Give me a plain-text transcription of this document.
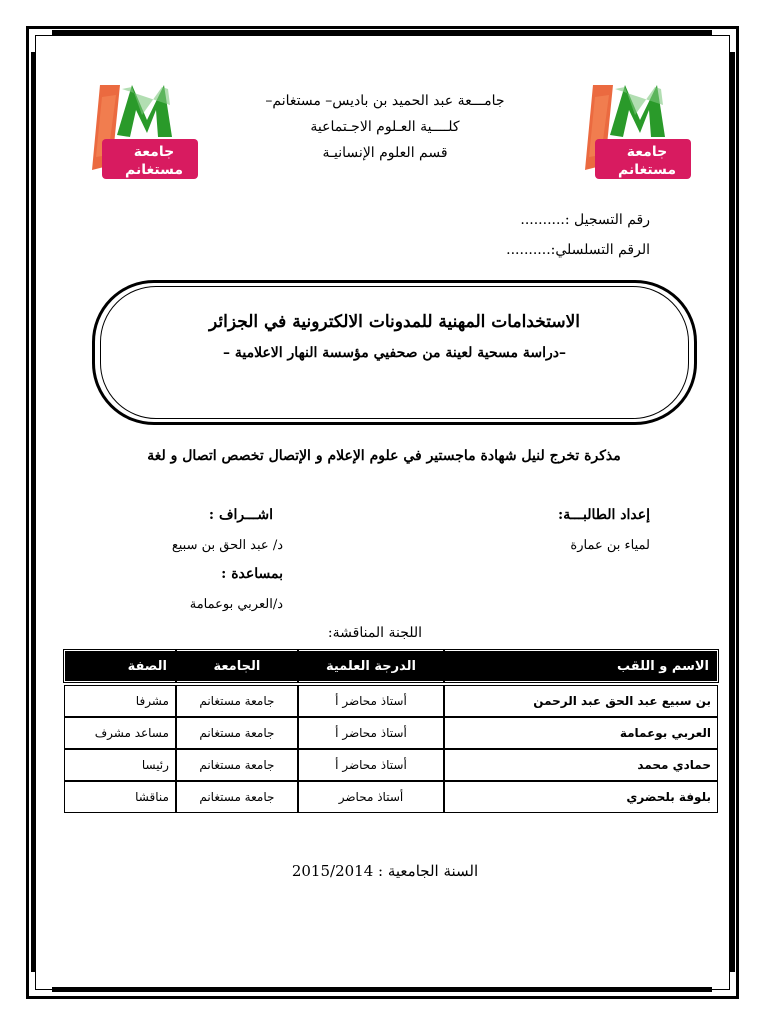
جامعة
مستغانم
جامعة
مستغانم
جامـــعة عبد الحميد بن باديس– مستغانم–
كلــــية العـلوم الاجـتماعية
قسم العلوم الإنسانيـة
رقم التسجيل :..........
الرقم التسلسلي:..........
الاستخدامات المهنية للمدونات الالكترونية في الجزائر
–دراسة مسحية لعينة من صحفيي مؤسسة النهار الاعلامية –
مذكرة تخرج لنيل شهادة ماجستير في علوم الإعلام و الإتصال تخصص اتصال و لغة
إعداد الطالبـــة:
لمياء بن عمارة
اشـــراف :
د/ عبد الحق بن سبيع
بمساعدة :
د/العربي بوعمامة
اللجنة المناقشة:
الاسم و اللقب	الدرجة العلمية	الجامعة	الصفة

بن سبيع عبد الحق عبد الرحمن	أستاذ محاضر أ	جامعة مستغانم	مشرفا
العربي بوعمامة	أستاذ محاضر أ	جامعة مستغانم	مساعد مشرف
حمادي محمد	أستاذ محاضر أ	جامعة مستغانم	رئيسا
بلوفة بلحضري	أستاذ محاضر	جامعة مستغانم	مناقشا
السنة الجامعية : 2015/2014
